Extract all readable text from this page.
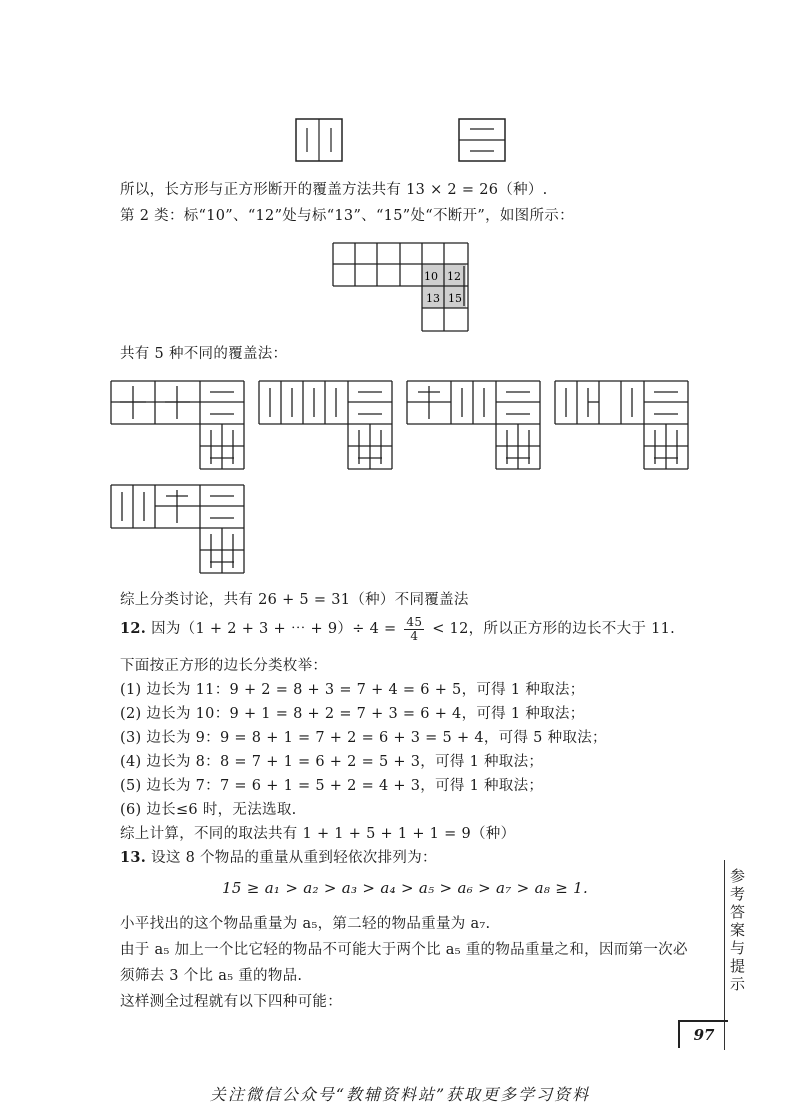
所以，长方形与正方形断开的覆盖方法共有 13 × 2 = 26（种）.
第 2 类：标“10”、“12”处与标“13”、“15”处“不断开”，如图所示：
10 12
13 15
共有 5 种不同的覆盖法：
综上分类讨论，共有 26 + 5 = 31（种）不同覆盖法
12. 因为（1 + 2 + 3 + ⋯ + $9)\div 4 = \frac{45}{4} < 12$，所以正方形的边长不大于 11.
下面按正方形的边长分类枚举：
(1) 边长为 11：9 + 2 = 8 + 3 = 7 + 4 = 6 + 5，可得 1 种取法；
(2) 边长为 10：9 + 1 = 8 + 2 = 7 + 3 = 6 + 4，可得 1 种取法；
(3) 边长为 9：9 = 8 + 1 = 7 + 2 = 6 + 3 = 5 + 4，可得 5 种取法；
(4) 边长为 8：8 = 7 + 1 = 6 + 2 = 5 + 3，可得 1 种取法；
(5) 边长为 7：7 = 6 + 1 = 5 + 2 = 4 + 3，可得 1 种取法；
(6) 边长≤6 时，无法选取.
综上计算，不同的取法共有 1 + 1 + 5 + 1 + 1 = 9（种）
13. 设这 8 个物品的重量从重到轻依次排列为：
15 ≥ a₁ > a₂ > a₃ > a₄ > a₅ > a₆ > a₇ > a₈ ≥ 1.
小平找出的这个物品重量为 a₅，第二轻的物品重量为 a₇.
由于 a₅ 加上一个比它轻的物品不可能大于两个比 a₅ 重的物品重量之和，因而第一次必
须筛去 3 个比 a₅ 重的物品.
这样测全过程就有以下四种可能：
参考答案与提示
97
关注微信公众号“教辅资料站”获取更多学习资料
